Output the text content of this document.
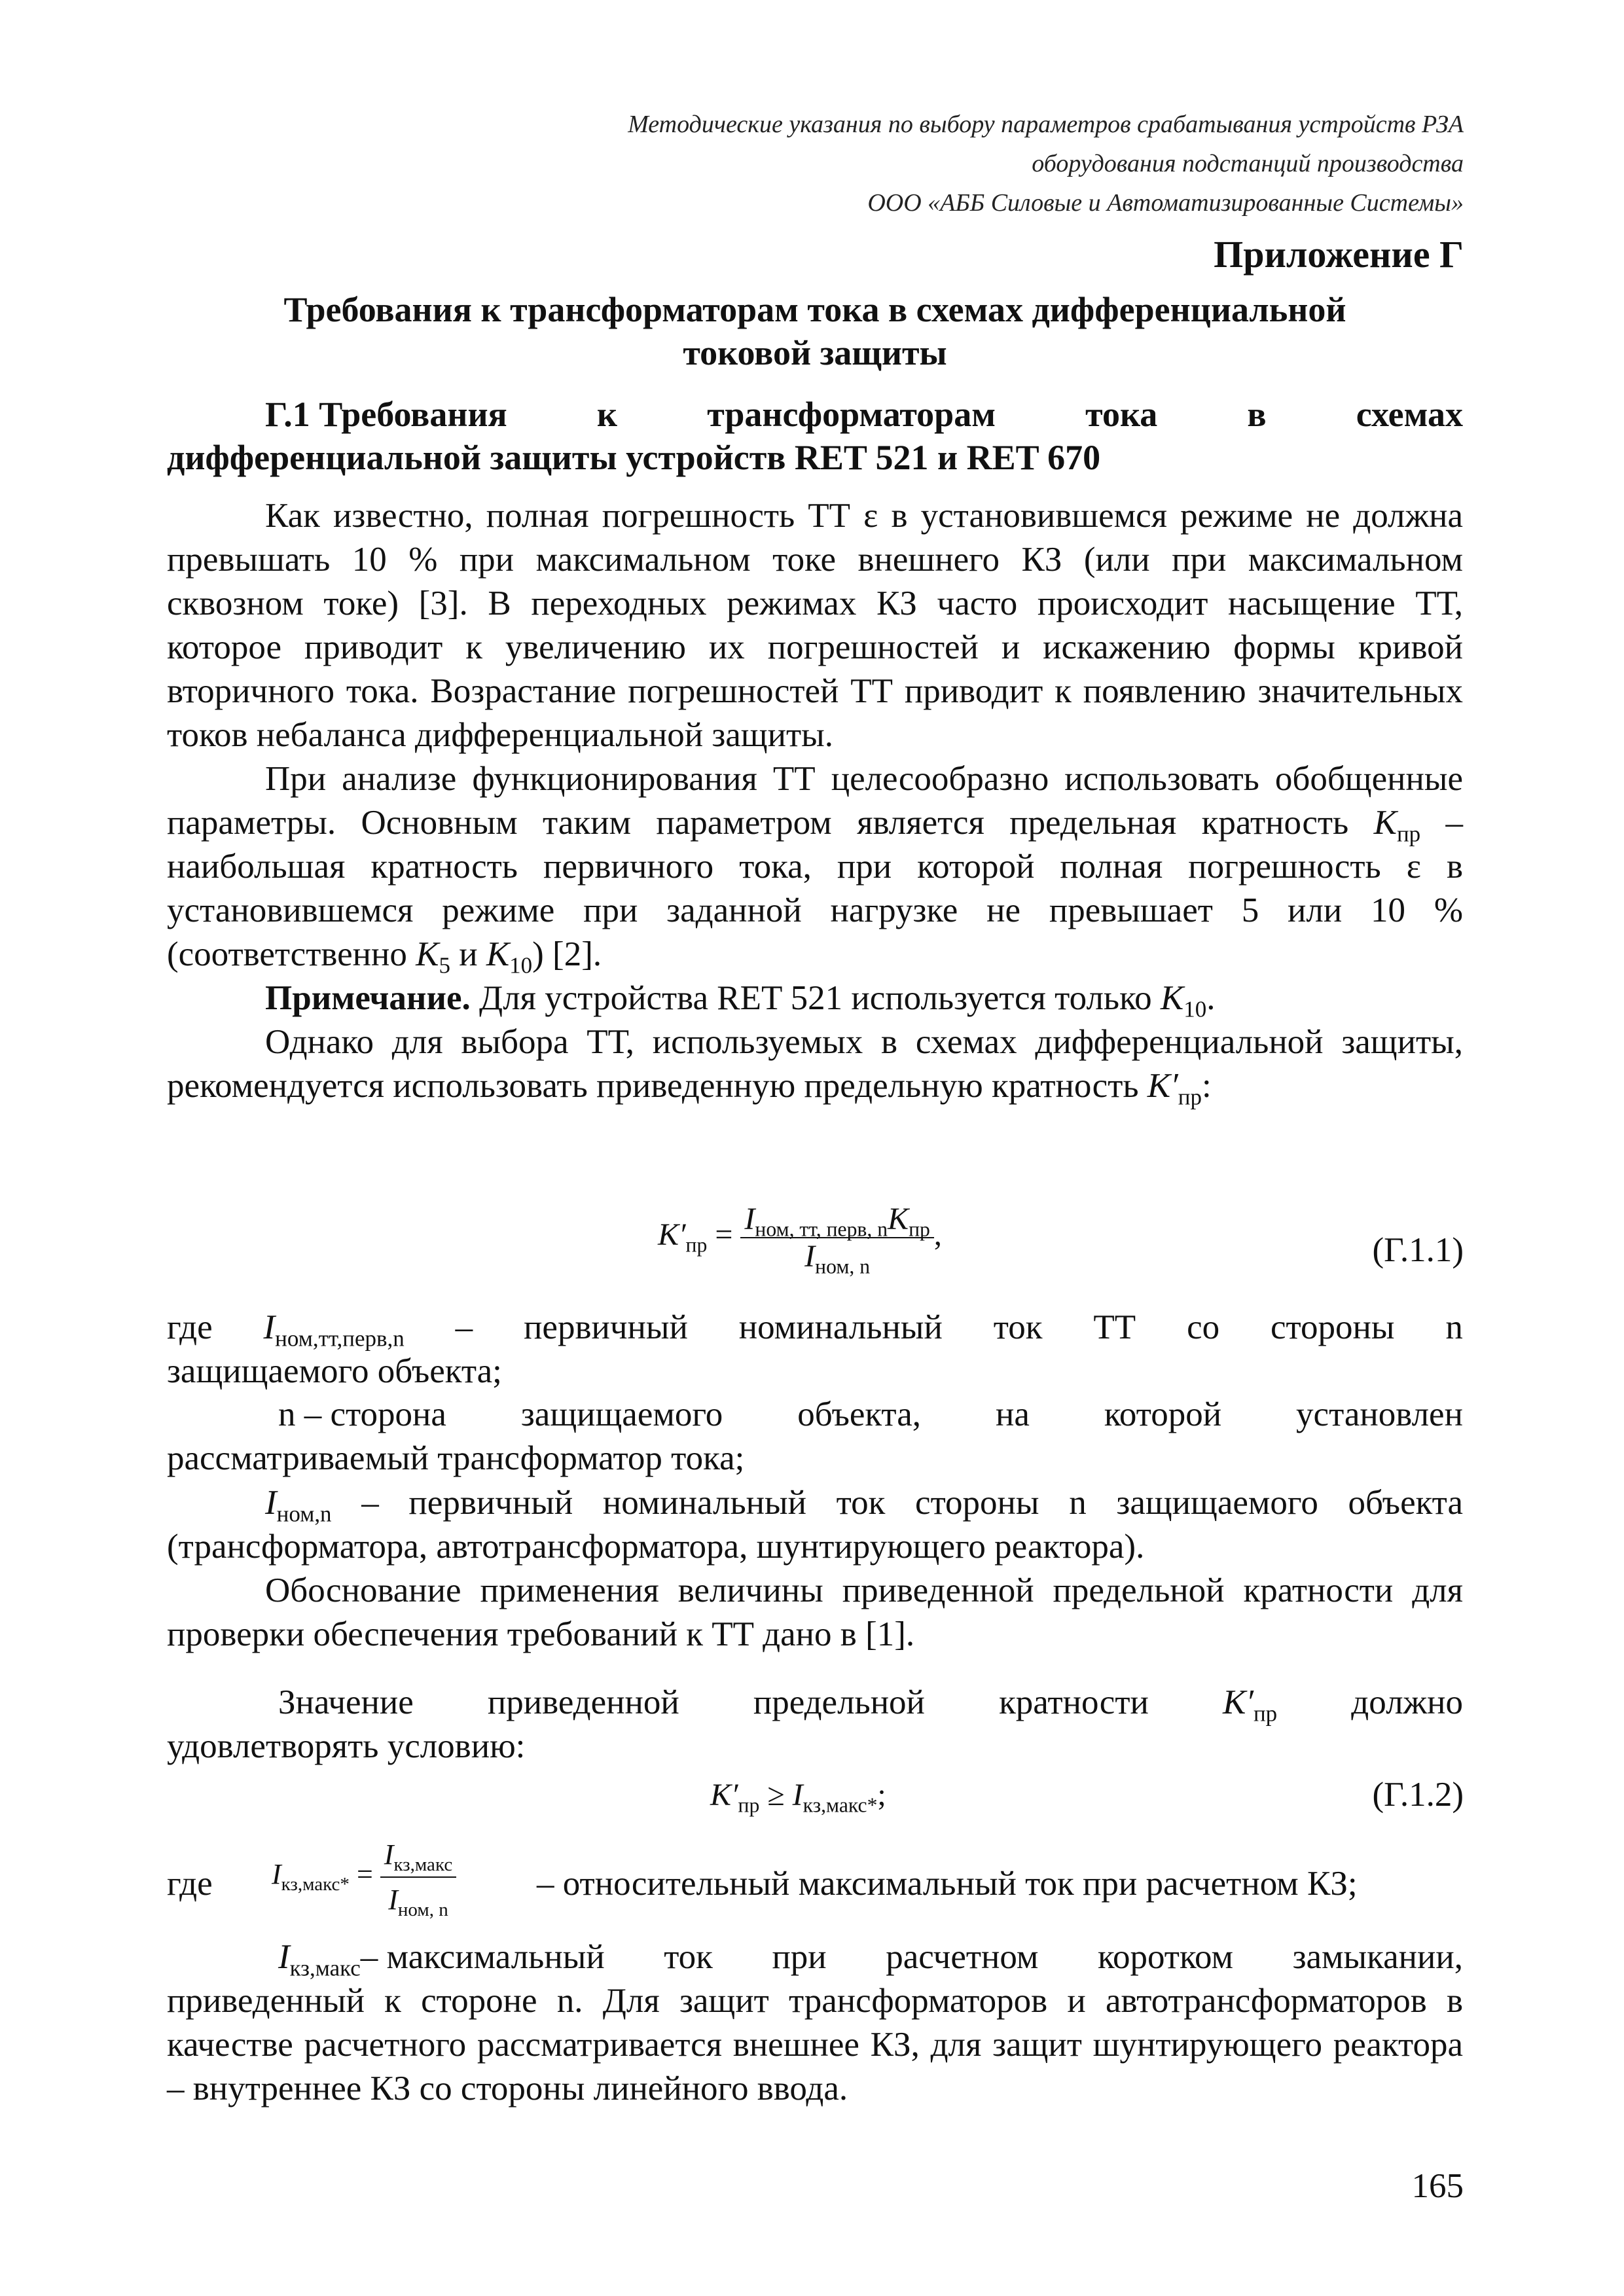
Методические указания по выбору параметров срабатывания устройств РЗА
оборудования подстанций производства
ООО «АББ Силовые и Автоматизированные Системы»
Приложение Г
Требования к трансформаторам тока в схемах дифференциальной
токовой защиты
Г.1 Требования	к	трансформаторам	тока	в	схемах
дифференциальной защиты устройств RET 521 и RET 670

Как известно, полная погрешность ТТ ε в установившемся режиме не должна превышать 10 % при максимальном токе внешнего КЗ (или при максимальном сквозном токе) [3]. В переходных режимах КЗ часто происходит насыщение ТТ, которое приводит к увеличению их погрешностей и искажению формы кривой вторичного тока. Возрастание погрешностей ТТ приводит к появлению значительных токов небаланса дифференциальной защиты.

При анализе функционирования ТТ целесообразно использовать обобщенные параметры. Основным таким параметром является предельная кратность $K_{пр}$ – наибольшая кратность первичного тока, при которой полная погрешность ε в установившемся режиме при заданной нагрузке не превышает 5 или 10 % (соответственно $K_5$ и $K_{10}$) [2].

Примечание. Для устройства RET 521 используется только $K_{10}$.

Однако для выбора ТТ, используемых в схемах дифференциальной защиты, рекомендуется использовать приведенную предельную кратность $K'_{пр}$:

$K'_{пр} = \frac{I_{ном, тт, перв, n}K_{пр}}{I_{ном, n}}$ ,	(Г.1.1)
где $I_{ном,тт,перв,n}$ – первичный номинальный ток ТТ со стороны n
защищаемого объекта;
n – сторона защищаемого объекта, на которой установлен
рассматриваемый трансформатор тока;

$I_{ном,n}$ – первичный номинальный ток стороны n защищаемого объекта (трансформатора, автотрансформатора, шунтирующего реактора).

Обоснование применения величины приведенной предельной кратности для проверки обеспечения требований к ТТ дано в [1].

Значение приведенной предельной кратности $K'_{пр}$ должно
удовлетворять условию:
$K'_{пр} \ge I_{кз,макс*}$;	(Г.1.2)
где $I_{кз,макс*} = \frac{I_{кз,макс}}{I_{ном, n}}$ – относительный максимальный ток при расчетном КЗ;
$I_{кз,макс}-$ максимальный ток при расчетном коротком замыкании,
приведенный к стороне n. Для защит трансформаторов и автотрансформаторов в качестве расчетного рассматривается внешнее КЗ, для защит шунтирующего реактора – внутреннее КЗ со стороны линейного ввода.
165
